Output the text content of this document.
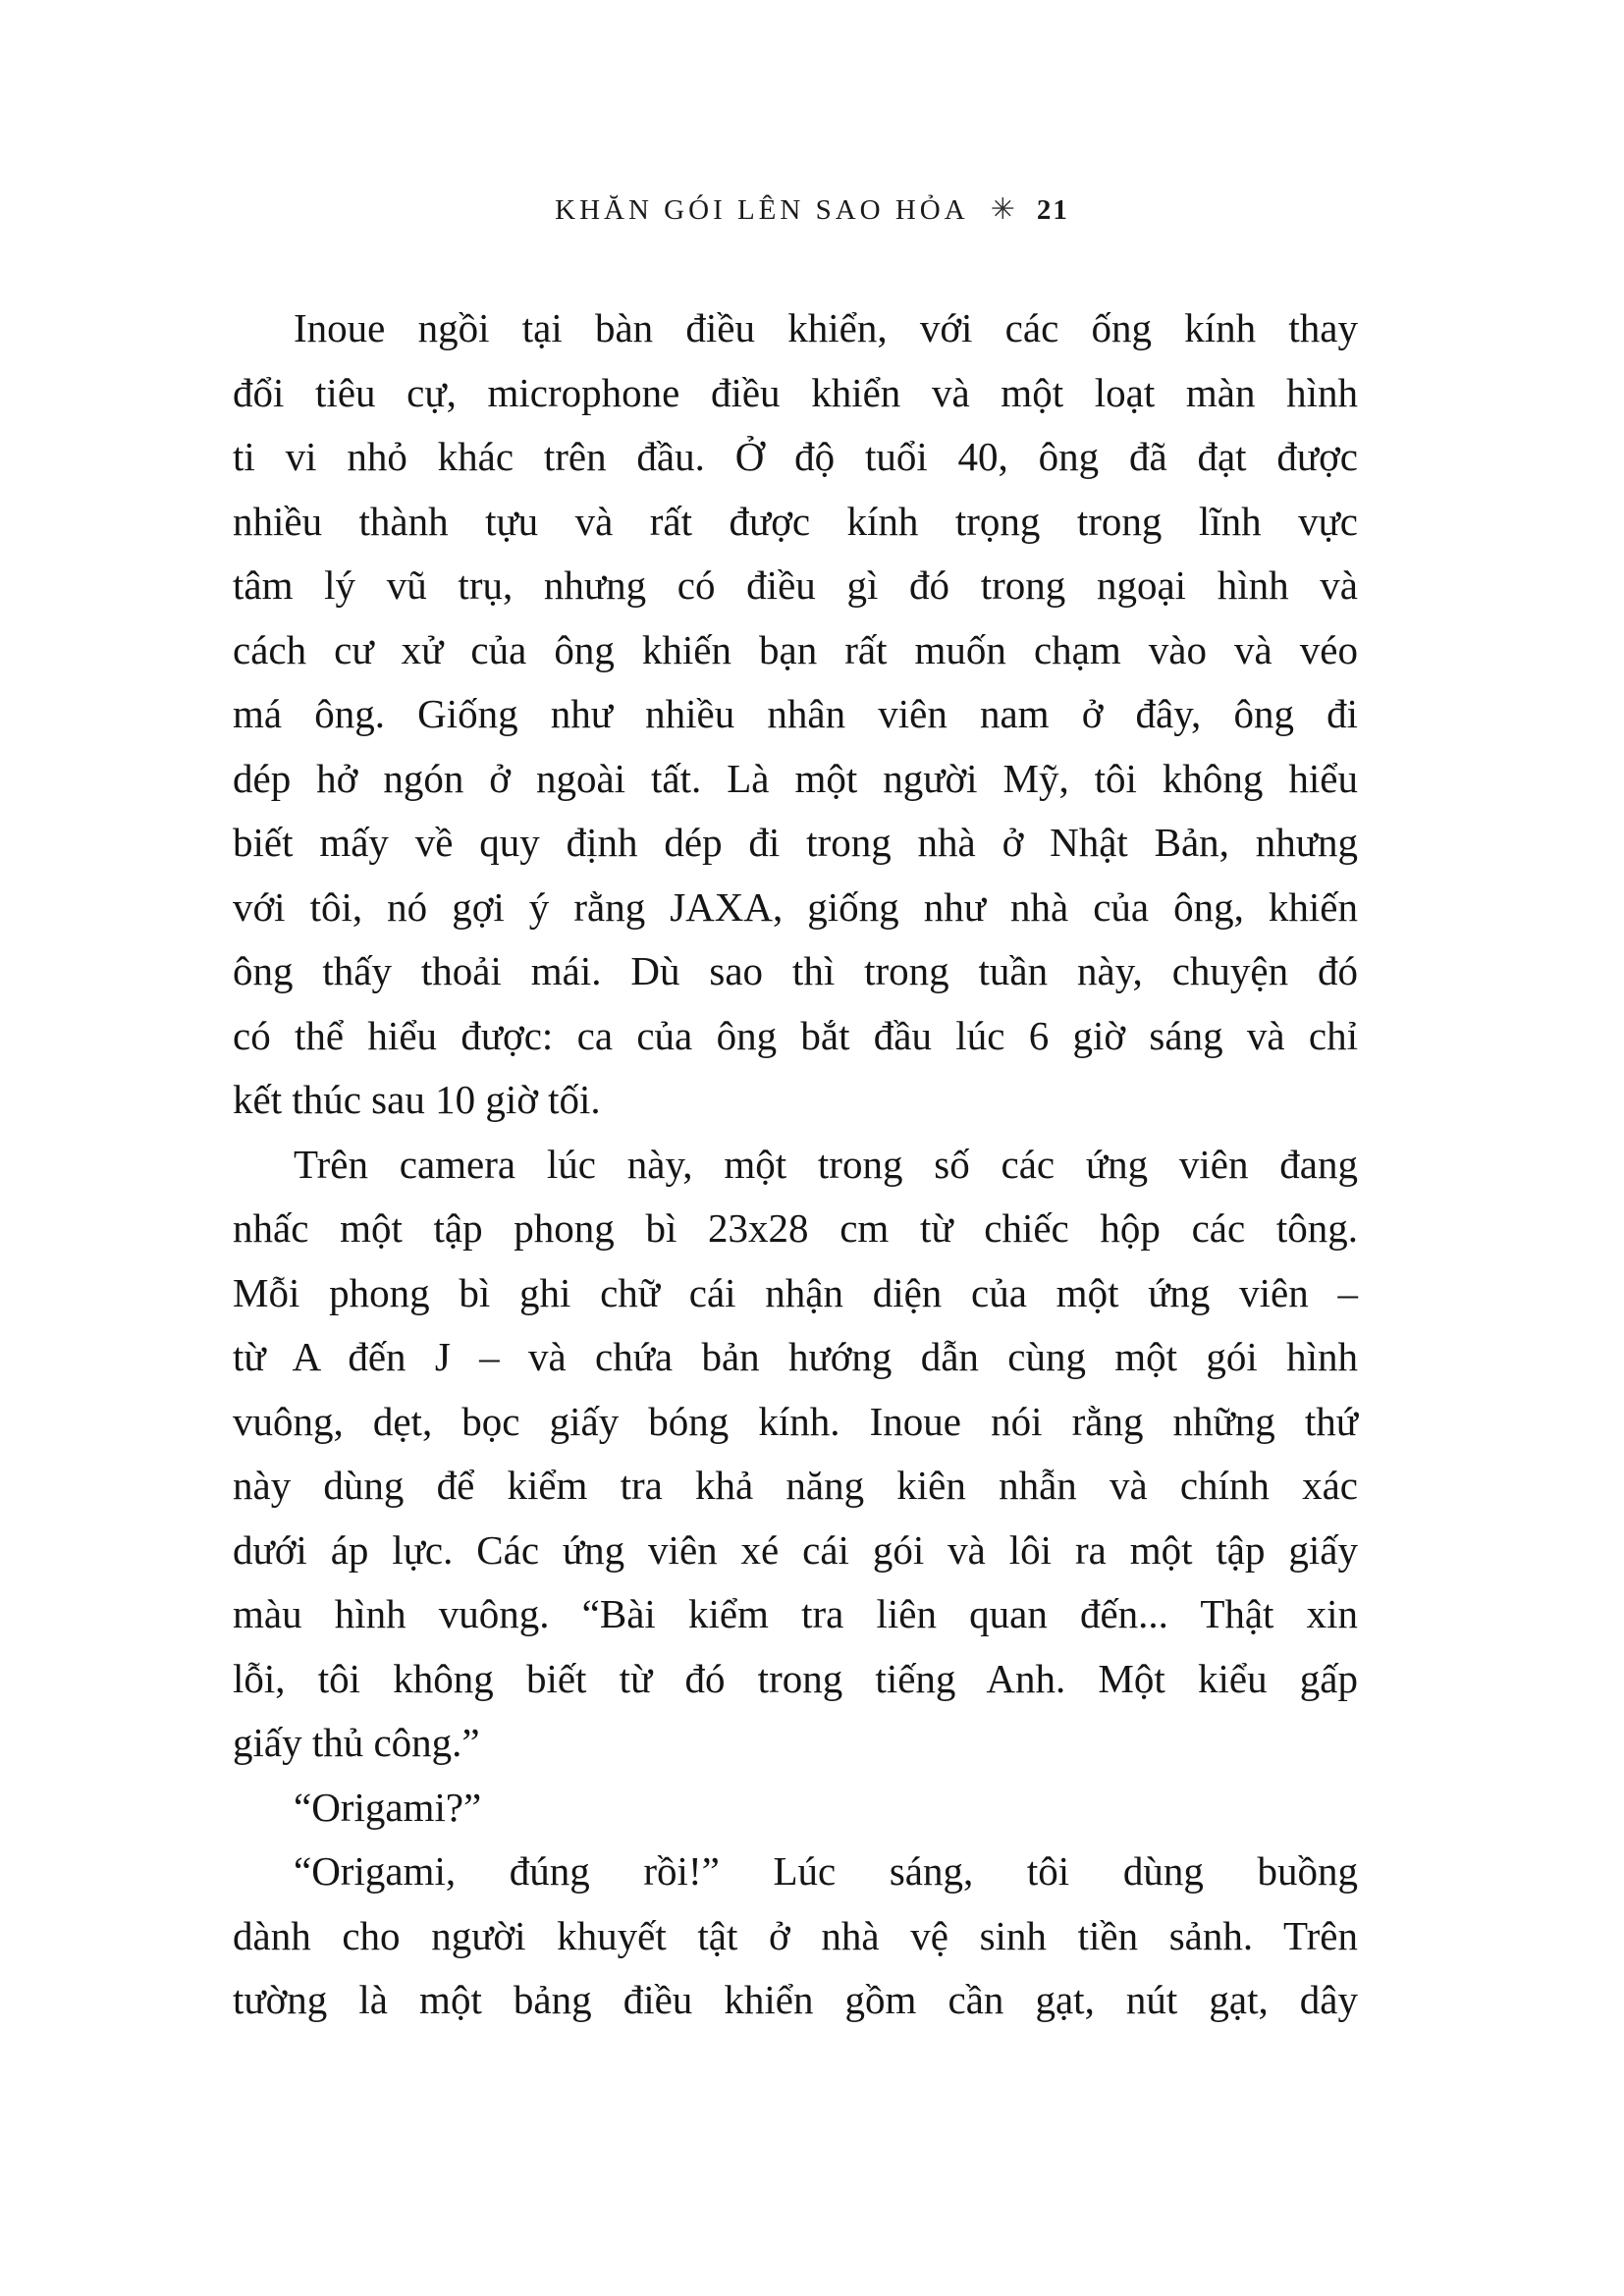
KHĂN GÓI LÊN SAO HỎA ✳ 21
Inoue ngồi tại bàn điều khiển, với các ống kính thay
đổi tiêu cự, microphone điều khiển và một loạt màn hình
ti vi nhỏ khác trên đầu. Ở độ tuổi 40, ông đã đạt được
nhiều thành tựu và rất được kính trọng trong lĩnh vực
tâm lý vũ trụ, nhưng có điều gì đó trong ngoại hình và
cách cư xử của ông khiến bạn rất muốn chạm vào và véo
má ông. Giống như nhiều nhân viên nam ở đây, ông đi
dép hở ngón ở ngoài tất. Là một người Mỹ, tôi không hiểu
biết mấy về quy định dép đi trong nhà ở Nhật Bản, nhưng
với tôi, nó gợi ý rằng JAXA, giống như nhà của ông, khiến
ông thấy thoải mái. Dù sao thì trong tuần này, chuyện đó
có thể hiểu được: ca của ông bắt đầu lúc 6 giờ sáng và chỉ
kết thúc sau 10 giờ tối.
Trên camera lúc này, một trong số các ứng viên đang
nhấc một tập phong bì 23x28 cm từ chiếc hộp các tông.
Mỗi phong bì ghi chữ cái nhận diện của một ứng viên –
từ A đến J – và chứa bản hướng dẫn cùng một gói hình
vuông, dẹt, bọc giấy bóng kính. Inoue nói rằng những thứ
này dùng để kiểm tra khả năng kiên nhẫn và chính xác
dưới áp lực. Các ứng viên xé cái gói và lôi ra một tập giấy
màu hình vuông. “Bài kiểm tra liên quan đến... Thật xin
lỗi, tôi không biết từ đó trong tiếng Anh. Một kiểu gấp
giấy thủ công.”
“Origami?”
“Origami, đúng rồi!” Lúc sáng, tôi dùng buồng
dành cho người khuyết tật ở nhà vệ sinh tiền sảnh. Trên
tường là một bảng điều khiển gồm cần gạt, nút gạt, dây
